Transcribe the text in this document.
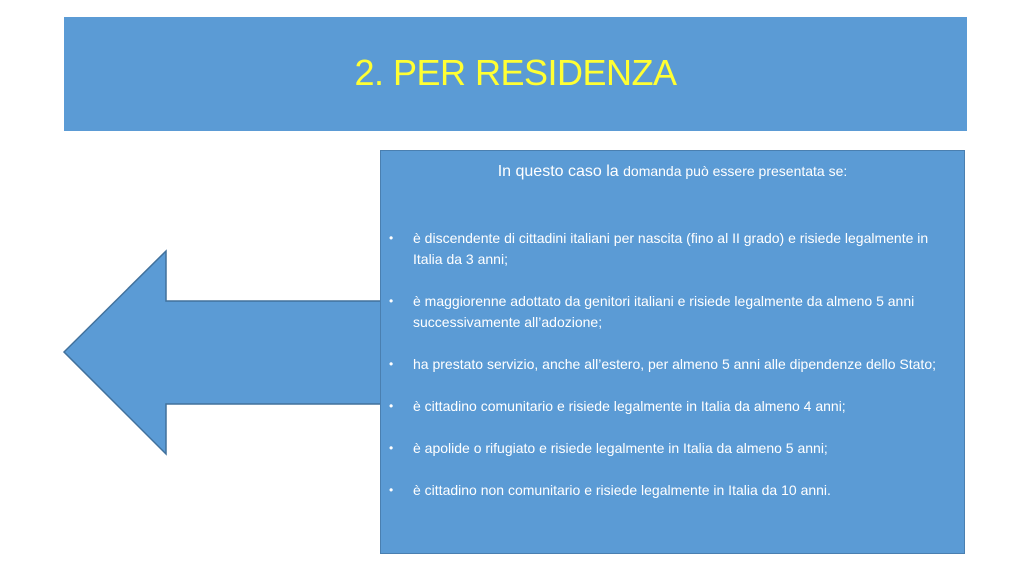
2. PER RESIDENZA
In questo caso la domanda può essere presentata se:
• è discendente di cittadini italiani per nascita (fino al II grado) e risiede legalmente in Italia da 3 anni;
• è maggiorenne adottato da genitori italiani e risiede legalmente da almeno 5 anni successivamente all’adozione;
• ha prestato servizio, anche all’estero, per almeno 5 anni alle dipendenze dello Stato;
• è cittadino comunitario e risiede legalmente in Italia da almeno 4 anni;
• è apolide o rifugiato e risiede legalmente in Italia da almeno 5 anni;
• è cittadino non comunitario e risiede legalmente in Italia da 10 anni.
